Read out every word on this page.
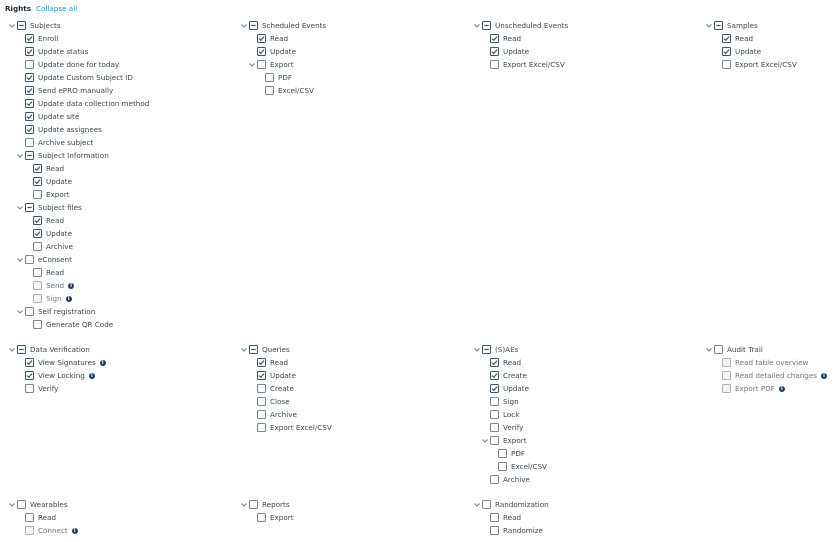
Rights Collapse all
Subjects
Enroll
Update status
Update done for today
Update Custom Subject ID
Send ePRO manually
Update data collection method
Update site
Update assignees
Archive subject
Subject Information
Read
Update
Export
Subject files
Read
Update
Archive
eConsent
Read
Send i
Sign i
Self registration
Generate QR Code
Scheduled Events
Read
Update
Export
PDF
Excel/CSV
Unscheduled Events
Read
Update
Export Excel/CSV
Samples
Read
Update
Export Excel/CSV
Data Verification
View Signatures i
View Locking i
Verify
Queries
Read
Update
Create
Close
Archive
Export Excel/CSV
(S)AEs
Read
Create
Update
Sign
Lock
Verify
Export
PDF
Excel/CSV
Archive
Audit Trail
Read table overview
Read detailed changes i
Export PDF i
Wearables
Read
Connect i
Reports
Export
Randomization
Read
Randomize
